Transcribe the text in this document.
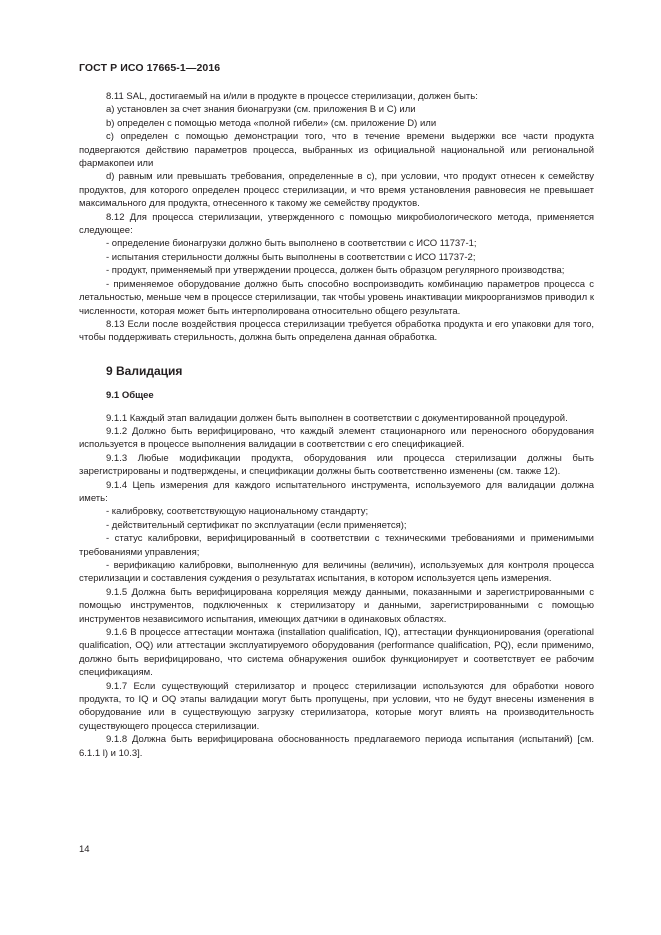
ГОСТ Р ИСО 17665-1—2016

8.11 SAL, достигаемый на и/или в продукте в процессе стерилизации, должен быть:

а) установлен за счет знания бионагрузки (см. приложения B и C) или

b) определен с помощью метода «полной гибели» (см. приложение D) или

c) определен с помощью демонстрации того, что в течение времени выдержки все части продукта подвергаются действию параметров процесса, выбранных из официальной национальной или региональной фармакопеи или

d) равным или превышать требования, определенные в c), при условии, что продукт отнесен к семейству продуктов, для которого определен процесс стерилизации, и что время установления равновесия не превышает максимального для продукта, отнесенного к такому же семейству продуктов.

8.12 Для процесса стерилизации, утвержденного с помощью микробиологического метода, применяется следующее:

- определение бионагрузки должно быть выполнено в соответствии с ИСО 11737-1;

- испытания стерильности должны быть выполнены в соответствии с ИСО 11737-2;

- продукт, применяемый при утверждении процесса, должен быть образцом регулярного производства;

- применяемое оборудование должно быть способно воспроизводить комбинацию параметров процесса с летальностью, меньше чем в процессе стерилизации, так чтобы уровень инактивации микроорганизмов приводил к численности, которая может быть интерполирована относительно общего результата.

8.13 Если после воздействия процесса стерилизации требуется обработка продукта и его упаковки для того, чтобы поддерживать стерильность, должна быть определена данная обработка.

9 Валидация

9.1 Общее

9.1.1 Каждый этап валидации должен быть выполнен в соответствии с документированной процедурой.

9.1.2 Должно быть верифицировано, что каждый элемент стационарного или переносного оборудования используется в процессе выполнения валидации в соответствии с его спецификацией.

9.1.3 Любые модификации продукта, оборудования или процесса стерилизации должны быть зарегистрированы и подтверждены, и спецификации должны быть соответственно изменены (см. также 12).

9.1.4 Цепь измерения для каждого испытательного инструмента, используемого для валидации должна иметь:

- калибровку, соответствующую национальному стандарту;

- действительный сертификат по эксплуатации (если применяется);

- статус калибровки, верифицированный в соответствии с техническими требованиями и применимыми требованиями управления;

- верификацию калибровки, выполненную для величины (величин), используемых для контроля процесса стерилизации и составления суждения о результатах испытания, в котором используется цепь измерения.

9.1.5 Должна быть верифицирована корреляция между данными, показанными и зарегистрированными с помощью инструментов, подключенных к стерилизатору и данными, зарегистрированными с помощью инструментов независимого испытания, имеющих датчики в одинаковых областях.

9.1.6 В процессе аттестации монтажа (installation qualification, IQ), аттестации функционирования (operational qualification, OQ) или аттестации эксплуатируемого оборудования (performance qualification, PQ), если применимо, должно быть верифицировано, что система обнаружения ошибок функционирует и соответствует ее рабочим спецификациям.

9.1.7 Если существующий стерилизатор и процесс стерилизации используются для обработки нового продукта, то IQ и OQ этапы валидации могут быть пропущены, при условии, что не будут внесены изменения в оборудование или в существующую загрузку стерилизатора, которые могут влиять на производительность существующего процесса стерилизации.

9.1.8 Должна быть верифицирована обоснованность предлагаемого периода испытания (испытаний) [см. 6.1.1 l) и 10.3].

14
